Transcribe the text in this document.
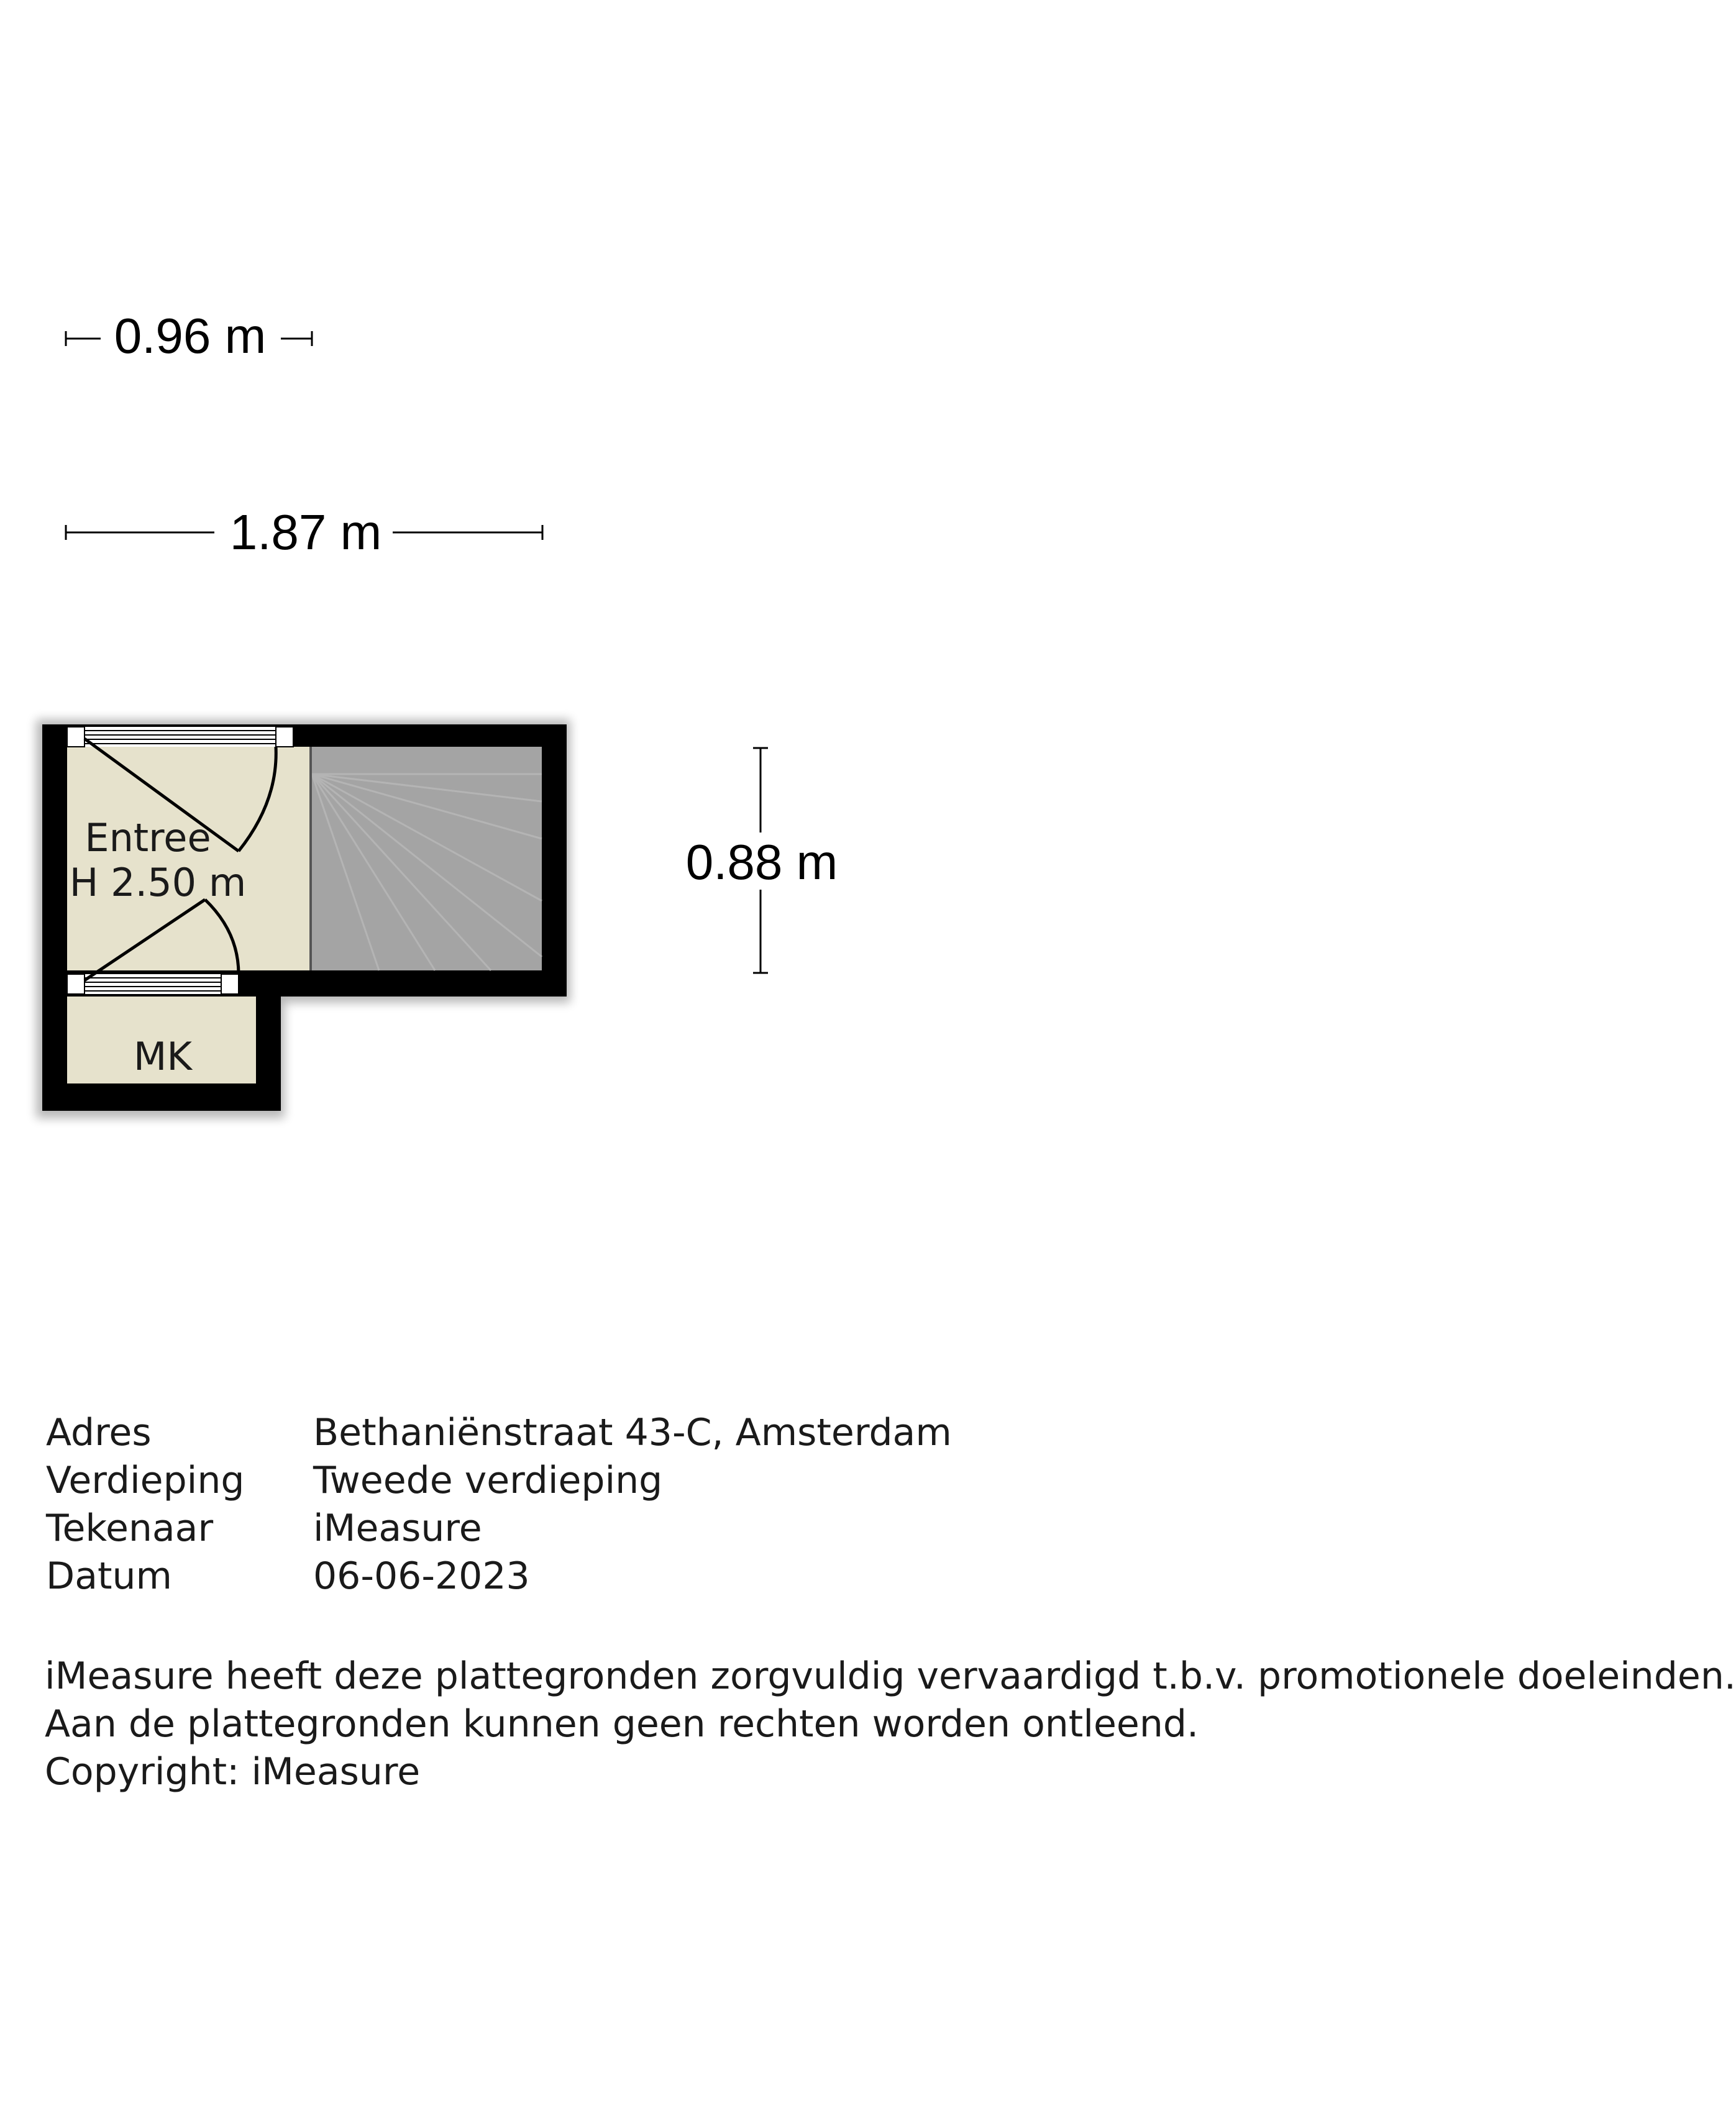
0.96 m
1.87 m
0.88 m
Entree
H 2.50 m
MK
Adres	Bethaniënstraat 43-C, Amsterdam
Verdieping	Tweede verdieping
Tekenaar	iMeasure
Datum	06-06-2023
iMeasure heeft deze plattegronden zorgvuldig vervaardigd t.b.v. promotionele doeleinden.
Aan de plattegronden kunnen geen rechten worden ontleend.
Copyright: iMeasure
